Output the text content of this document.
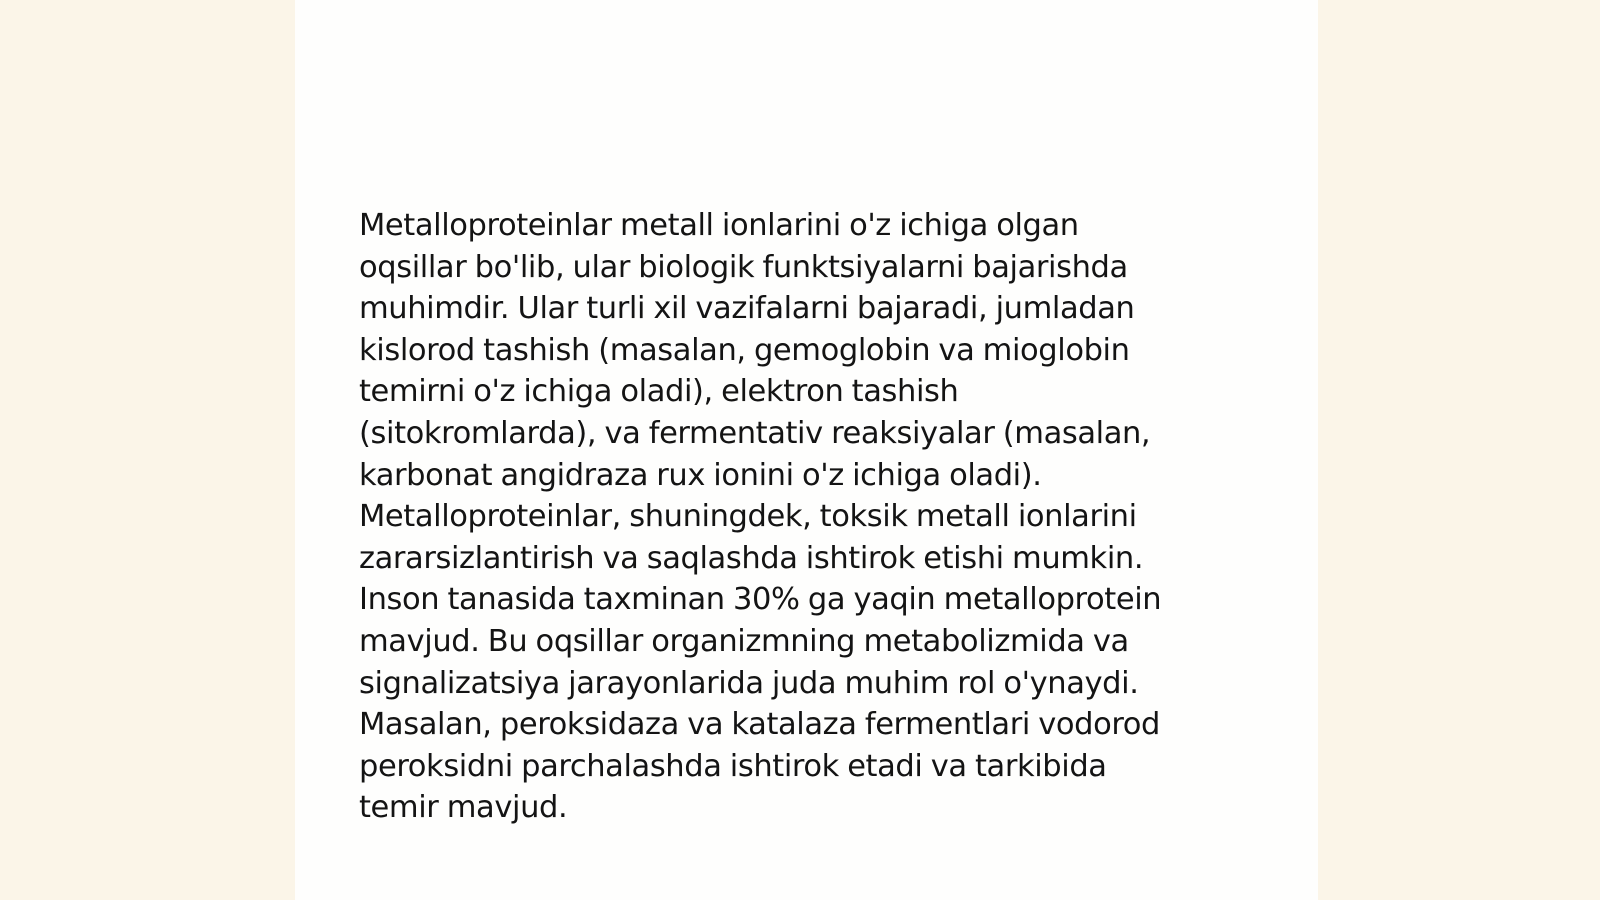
Metalloproteinlar metall ionlarini o'z ichiga olgan
oqsillar bo'lib, ular biologik funktsiyalarni bajarishda
muhimdir. Ular turli xil vazifalarni bajaradi, jumladan
kislorod tashish (masalan, gemoglobin va mioglobin
temirni o'z ichiga oladi), elektron tashish
(sitokromlarda), va fermentativ reaksiyalar (masalan,
karbonat angidraza rux ionini o'z ichiga oladi).
Metalloproteinlar, shuningdek, toksik metall ionlarini
zararsizlantirish va saqlashda ishtirok etishi mumkin.
Inson tanasida taxminan 30% ga yaqin metalloprotein
mavjud. Bu oqsillar organizmning metabolizmida va
signalizatsiya jarayonlarida juda muhim rol o'ynaydi.
Masalan, peroksidaza va katalaza fermentlari vodorod
peroksidni parchalashda ishtirok etadi va tarkibida
temir mavjud.
